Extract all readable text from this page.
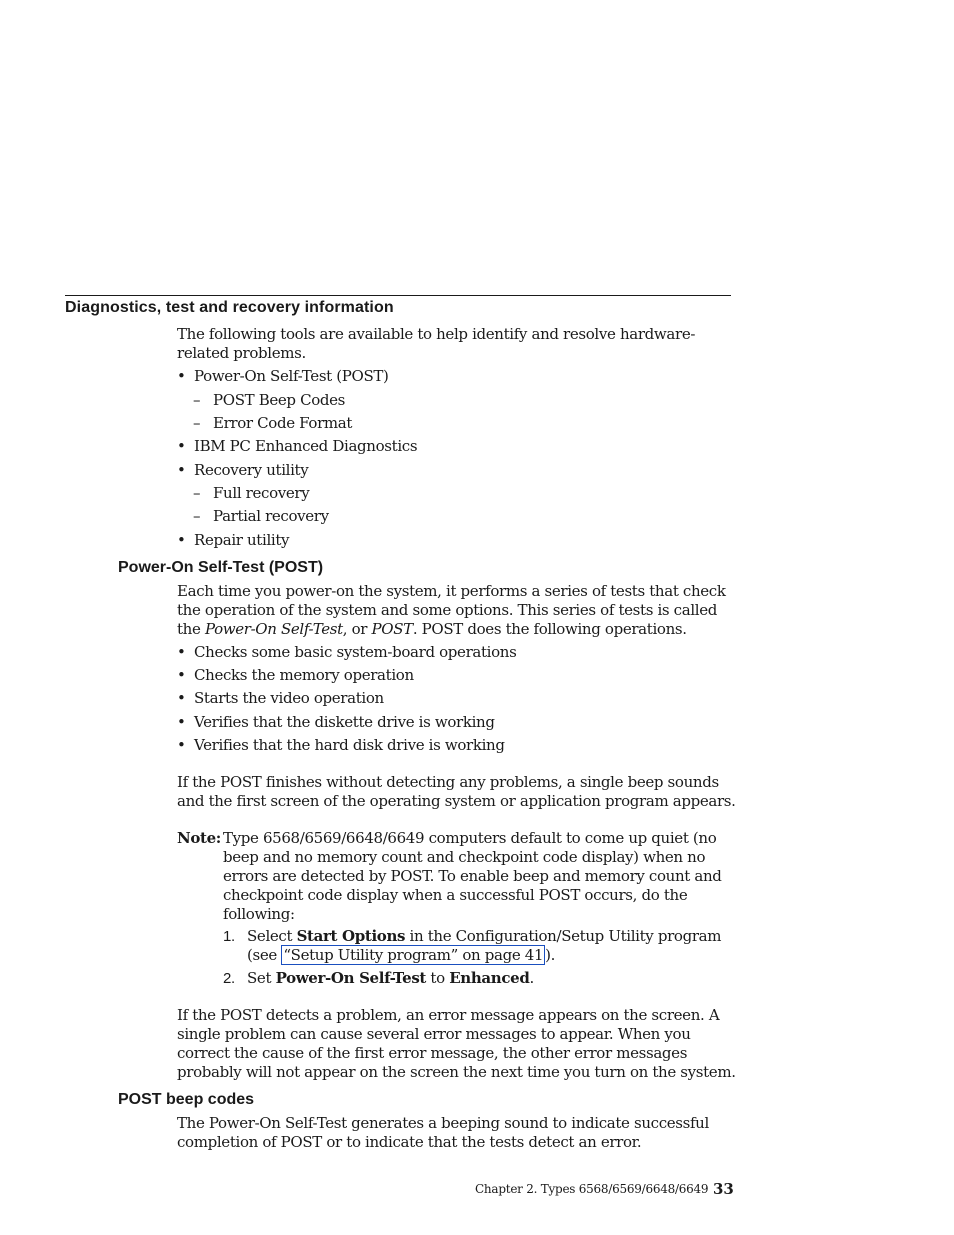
Diagnostics, test and recovery information
The following tools are available to help identify and resolve hardware-related problems.
• Power-On Self-Test (POST)
– POST Beep Codes
– Error Code Format
• IBM PC Enhanced Diagnostics
• Recovery utility
– Full recovery
– Partial recovery
• Repair utility
Power-On Self-Test (POST)
Each time you power-on the system, it performs a series of tests that check the operation of the system and some options. This series of tests is called the Power-On Self-Test, or POST. POST does the following operations.
• Checks some basic system-board operations
• Checks the memory operation
• Starts the video operation
• Verifies that the diskette drive is working
• Verifies that the hard disk drive is working
If the POST finishes without detecting any problems, a single beep sounds and the first screen of the operating system or application program appears.
Note: Type 6568/6569/6648/6649 computers default to come up quiet (no beep and no memory count and checkpoint code display) when no errors are detected by POST. To enable beep and memory count and checkpoint code display when a successful POST occurs, do the following:
1. Select Start Options in the Configuration/Setup Utility program (see “Setup Utility program” on page 41 ).
2. Set Power-On Self-Test to Enhanced.
If the POST detects a problem, an error message appears on the screen. A single problem can cause several error messages to appear. When you correct the cause of the first error message, the other error messages probably will not appear on the screen the next time you turn on the system.
POST beep codes
The Power-On Self-Test generates a beeping sound to indicate successful completion of POST or to indicate that the tests detect an error.
Chapter 2. Types 6568/6569/6648/6649 33
